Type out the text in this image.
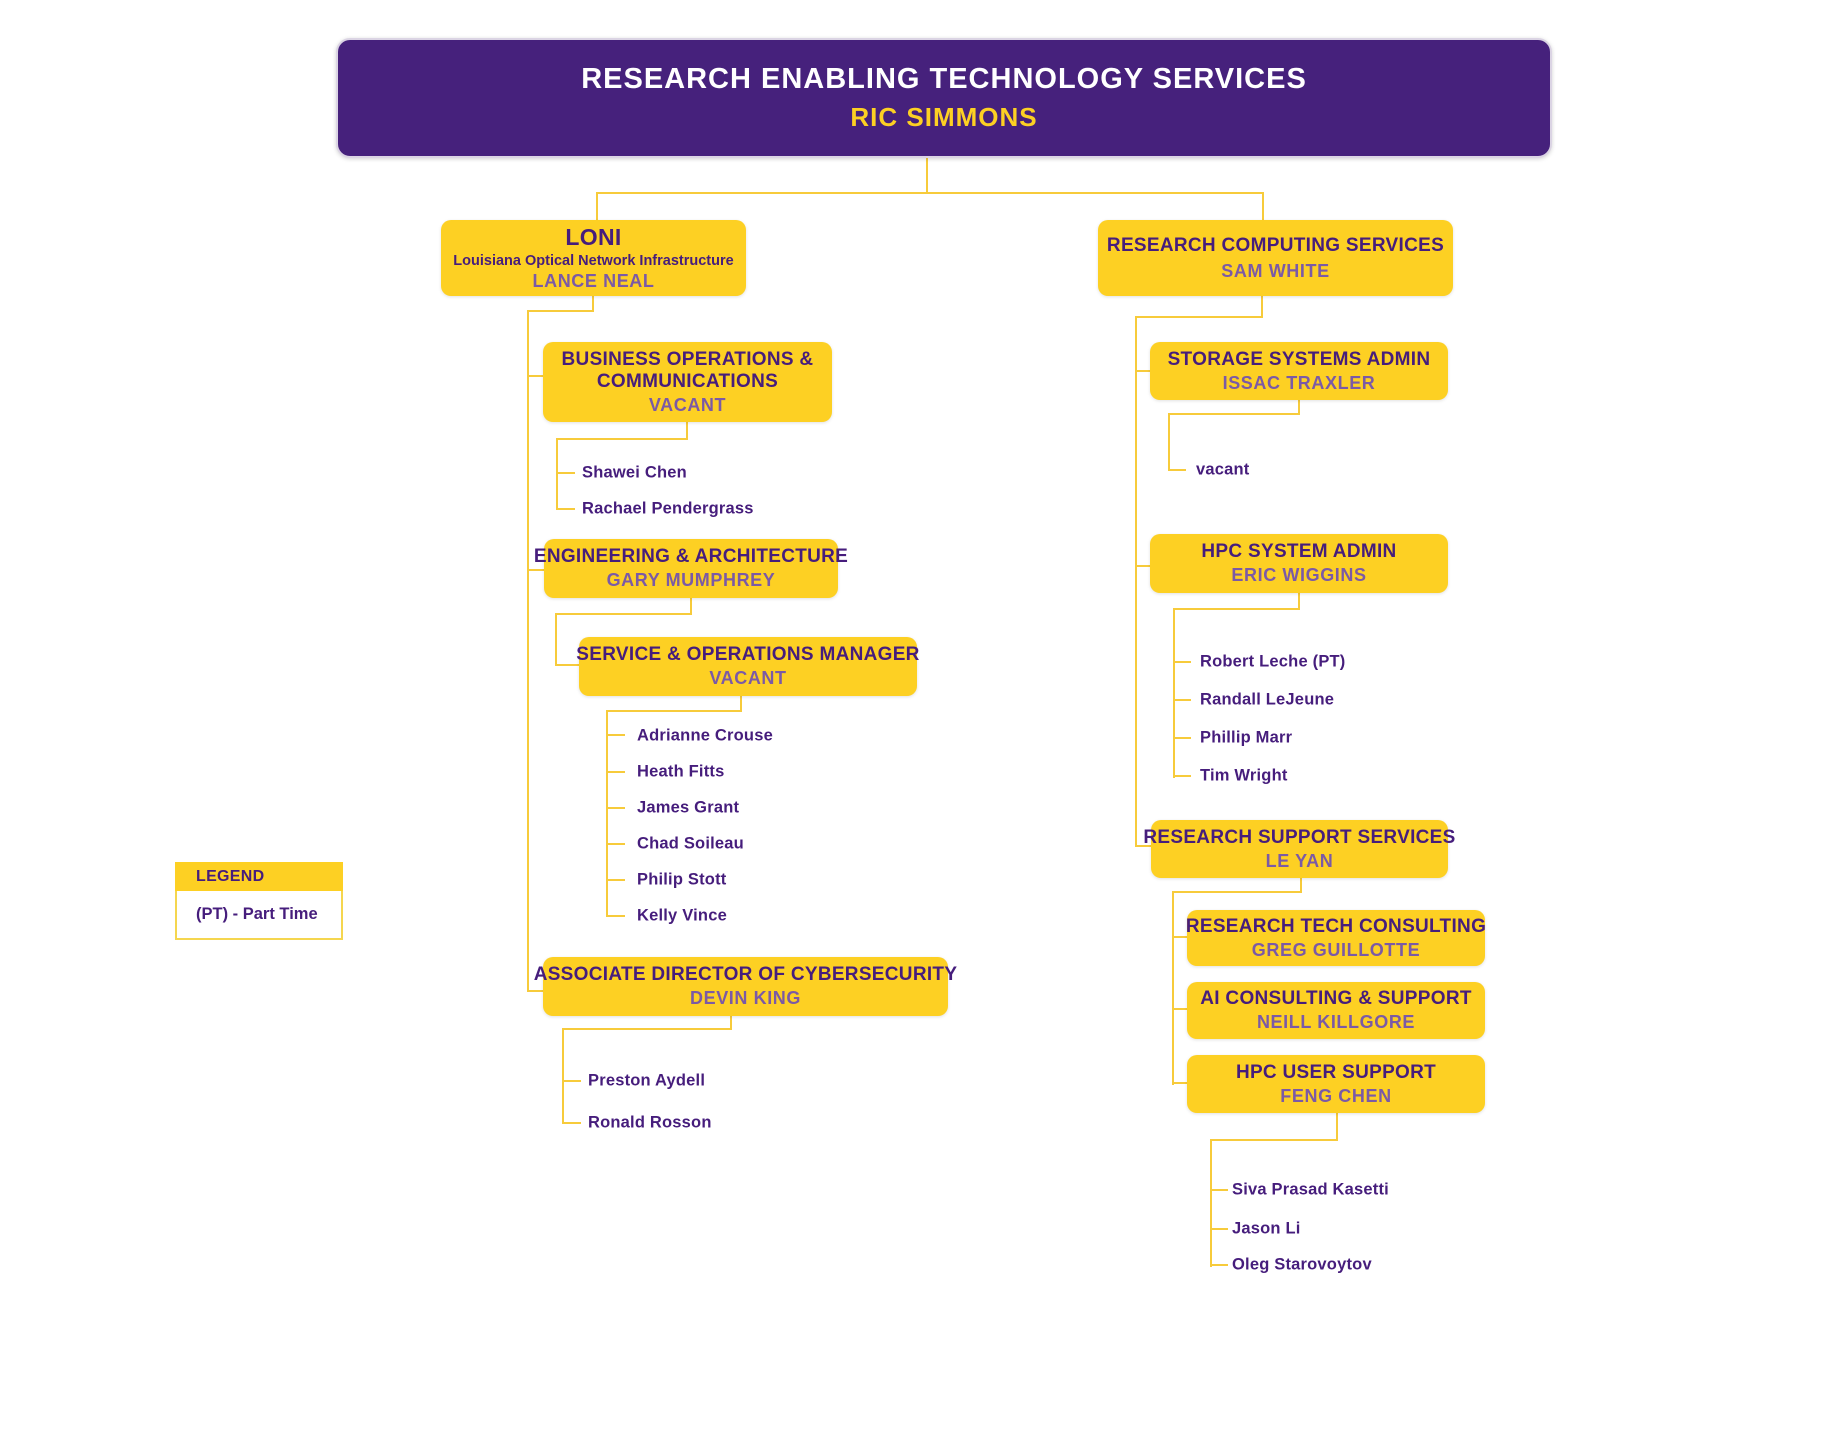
RESEARCH ENABLING TECHNOLOGY SERVICES
RIC SIMMONS
LONI
Louisiana Optical Network Infrastructure
LANCE NEAL
RESEARCH COMPUTING SERVICES
SAM WHITE
BUSINESS OPERATIONS & COMMUNICATIONS
VACANT
Shawei Chen
Rachael Pendergrass
ENGINEERING & ARCHITECTURE
GARY MUMPHREY
SERVICE & OPERATIONS MANAGER
VACANT
Adrianne Crouse
Heath Fitts
James Grant
Chad Soileau
Philip Stott
Kelly Vince
ASSOCIATE DIRECTOR OF CYBERSECURITY
DEVIN KING
Preston Aydell
Ronald Rosson
STORAGE SYSTEMS ADMIN
ISSAC TRAXLER
vacant
HPC SYSTEM ADMIN
ERIC WIGGINS
Robert Leche (PT)
Randall LeJeune
Phillip Marr
Tim Wright
RESEARCH SUPPORT SERVICES
LE YAN
RESEARCH TECH CONSULTING
GREG GUILLOTTE
AI CONSULTING & SUPPORT
NEILL KILLGORE
HPC USER SUPPORT
FENG CHEN
Siva Prasad Kasetti
Jason Li
Oleg Starovoytov
LEGEND
(PT) - Part Time
